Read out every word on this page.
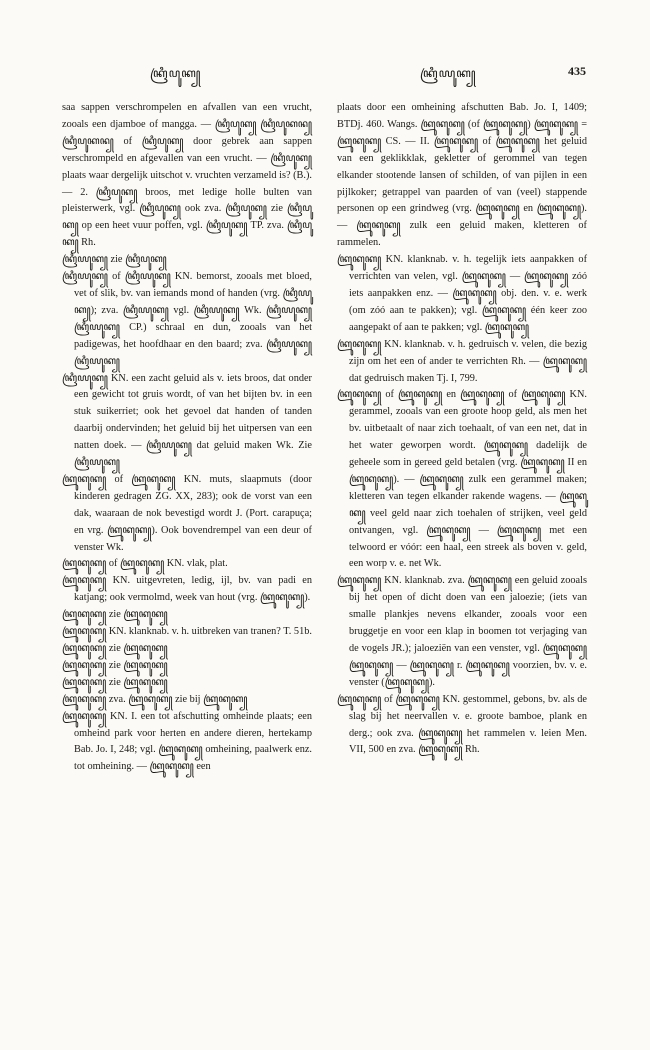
ꦏꦿꦶꦥꦸꦏ꧀	ꦏꦿꦶꦪꦸꦏ꧀	435

saa sappen verschrompelen en afvallen van een vrucht, zooals een djamboe of mangga. — ꦏꦿꦶꦥꦸꦏ꧀ ꦏꦿꦶꦥꦸꦏꦤ꧀ ꦏꦿꦶꦥꦸꦏꦤ꧀ of ꦏꦿꦶꦥꦸꦏ꧀ door gebrek aan sappen verschrompeld en afgevallen van een vrucht. — ꦏꦿꦶꦥꦸꦏ꧀ plaats waar dergelijk uitschot v. vruchten verzameld is? (B.). — 2. ꦏꦿꦶꦥꦸꦏ꧀ broos, met ledige holle bulten van pleisterwerk, vgl. ꦏꦿꦶꦥꦸꦏ꧀ ook zva. ꦏꦿꦶꦥꦸꦏ꧀ zie ꦏꦿꦶꦥꦸꦏ꧀ op een heet vuur poffen, vgl. ꦏꦿꦶꦥꦸꦏ꧀ TP. zva. ꦏꦿꦶꦥꦸꦏ꧀ Rh.

ꦏꦿꦶꦪꦸꦏ꧀ zie ꦏꦿꦶꦥꦸꦏ꧀

ꦏꦿꦶꦪꦸꦏ꧀ of ꦏꦿꦶꦪꦸꦏ꧀ KN. bemorst, zooals met bloed, vet of slik, bv. van iemands mond of handen (vrg. ꦏꦿꦶꦪꦸꦏ꧀); zva. ꦏꦿꦶꦪꦸꦏ꧀ vgl. ꦏꦿꦶꦪꦸꦏ꧀ Wk. ꦏꦿꦶꦪꦸꦏ꧀ ꦏꦿꦶꦪꦸꦏ꧀ CP.) schraal en dun, zooals van het padigewas, het hoofdhaar en den baard; zva. ꦏꦿꦶꦪꦸꦏ꧀ ꦏꦿꦶꦪꦸꦏ꧀

ꦏꦿꦶꦪꦸꦏ꧀ KN. een zacht geluid als v. iets broos, dat onder een gewicht tot gruis wordt, of van het bijten bv. in een stuk suikerriet; ook het gevoel dat handen of tanden daarbij ondervinden; het geluid bij het uitpersen van een natten doek. — ꦏꦿꦶꦪꦸꦏ꧀ dat geluid maken Wk. Zie ꦏꦿꦶꦪꦸꦏ꧀

ꦏꦿꦸꦏꦸꦏ꧀ of ꦏꦿꦸꦏꦸꦏ꧀ KN. muts, slaapmuts (door kinderen gedragen ZG. XX, 283); ook de vorst van een dak, waaraan de nok bevestigd wordt J. (Port. carapuça; en vrg. ꦏꦿꦸꦏꦸꦏ꧀). Ook bovendrempel van een deur of venster Wk.

ꦏꦿꦸꦏꦸꦏ꧀ of ꦏꦿꦸꦏꦸꦏ꧀ KN. vlak, plat.

ꦏꦿꦸꦏꦸꦏ꧀ KN. uitgevreten, ledig, ijl, bv. van padi en katjang; ook vermolmd, week van hout (vrg. ꦏꦿꦸꦏꦸꦏ꧀).

ꦏꦿꦸꦏꦸꦏ꧀ zie ꦏꦿꦸꦏꦸꦏ꧀

ꦏꦿꦸꦏꦸꦏ꧀ KN. klanknab. v. h. uitbreken van tranen? T. 51b.

ꦏꦿꦸꦏꦸꦏ꧀ zie ꦏꦿꦸꦏꦸꦏ꧀

ꦏꦿꦸꦏꦸꦏ꧀ zie ꦏꦿꦸꦏꦸꦏ꧀

ꦏꦿꦸꦏꦸꦏ꧀ zie ꦏꦿꦸꦏꦸꦏ꧀

ꦏꦿꦸꦏꦸꦏ꧀ zva. ꦏꦿꦸꦏꦸꦏ꧀ zie bij ꦏꦿꦸꦏꦸꦏ꧀

ꦏꦿꦸꦏꦸꦏ꧀ KN. I. een tot afschutting omheinde plaats; een omheind park voor herten en andere dieren, hertekamp Bab. Jo. I, 248; vgl. ꦏꦿꦸꦏꦸꦏ꧀ omheining, paalwerk enz. tot omheining. — ꦏꦿꦸꦏꦸꦏ꧀ een

plaats door een omheining afschutten Bab. Jo. I, 1409; BTDj. 460. Wangs. ꦏꦿꦸꦏꦸꦏ꧀ (of ꦏꦿꦸꦏꦸꦏ꧀) ꦏꦿꦸꦏꦸꦏ꧀ = ꦏꦿꦸꦏꦸꦏ꧀ CS. — II. ꦏꦿꦸꦏꦸꦏ꧀ of ꦏꦿꦸꦏꦸꦏ꧀ het geluid van een geklikklak, gekletter of gerommel van tegen elkander stootende lansen of schilden, of van pijlen in een pijlkoker; getrappel van paarden of van (veel) stappende personen op een grindweg (vrg. ꦏꦿꦸꦏꦸꦏ꧀ en ꦏꦿꦸꦏꦸꦏ꧀). — ꦏꦿꦸꦏꦸꦏ꧀ zulk een geluid maken, kletteren of rammelen.

ꦏꦿꦸꦏꦸꦏ꧀ KN. klanknab. v. h. tegelijk iets aanpakken of verrichten van velen, vgl. ꦏꦿꦸꦏꦸꦏ꧀ — ꦏꦿꦸꦏꦸꦏ꧀ zóó iets aanpakken enz. — ꦏꦿꦸꦏꦸꦏ꧀ obj. den. v. e. werk (om zóó aan te pakken); vgl. ꦏꦿꦸꦏꦸꦏ꧀ één keer zoo aangepakt of aan te pakken; vgl. ꦏꦿꦸꦏꦸꦏ꧀

ꦏꦿꦸꦏꦸꦏ꧀ KN. klanknab. v. h. gedruisch v. velen, die bezig zijn om het een of ander te verrichten Rh. — ꦏꦿꦸꦏꦸꦏ꧀ dat gedruisch maken Tj. I, 799.

ꦏꦿꦸꦏꦸꦏ꧀ of ꦏꦿꦸꦏꦸꦏ꧀ en ꦏꦿꦸꦏꦸꦏ꧀ of ꦏꦿꦸꦏꦸꦏ꧀ KN. gerammel, zooals van een groote hoop geld, als men het bv. uitbetaalt of naar zich toehaalt, of van een net, dat in het water geworpen wordt. ꦏꦿꦸꦏꦸꦏ꧀ dadelijk de geheele som in gereed geld betalen (vrg. ꦏꦿꦸꦏꦸꦏ꧀ II en ꦏꦿꦸꦏꦸꦏ꧀). — ꦏꦿꦸꦏꦸꦏ꧀ zulk een gerammel maken; kletteren van tegen elkander rakende wagens. — ꦏꦿꦸꦏꦸꦏ꧀ veel geld naar zich toehalen of strijken, veel geld ontvangen, vgl. ꦏꦿꦸꦏꦸꦏ꧀ — ꦏꦿꦸꦏꦸꦏ꧀ met een telwoord er vóór: een haal, een streek als boven v. geld, een worp v. e. net Wk.

ꦏꦿꦸꦏꦸꦏ꧀ KN. klanknab. zva. ꦏꦿꦸꦏꦸꦏ꧀ een geluid zooals bij het open of dicht doen van een jaloezie; (iets van smalle plankjes nevens elkander, zooals voor een bruggetje en voor een klap in boomen tot verjaging van de vogels JR.); jaloeziën van een venster, vgl. ꦏꦿꦸꦏꦸꦏ꧀ ꦏꦿꦸꦏꦸꦏ꧀ — ꦏꦿꦸꦏꦸꦏ꧀ r. ꦏꦿꦸꦏꦸꦏ꧀ voorzien, bv. v. e. venster (ꦏꦿꦸꦏꦸꦏ꧀).

ꦏꦿꦸꦏꦸꦏ꧀ of ꦏꦿꦸꦏꦸꦏ꧀ KN. gestommel, gebons, bv. als de slag bij het neervallen v. e. groote bamboe, plank en derg.; ook zva. ꦏꦿꦸꦏꦸꦏ꧀ het rammelen v. leien Men. VII, 500 en zva. ꦏꦿꦸꦏꦸꦏ꧀ Rh.
